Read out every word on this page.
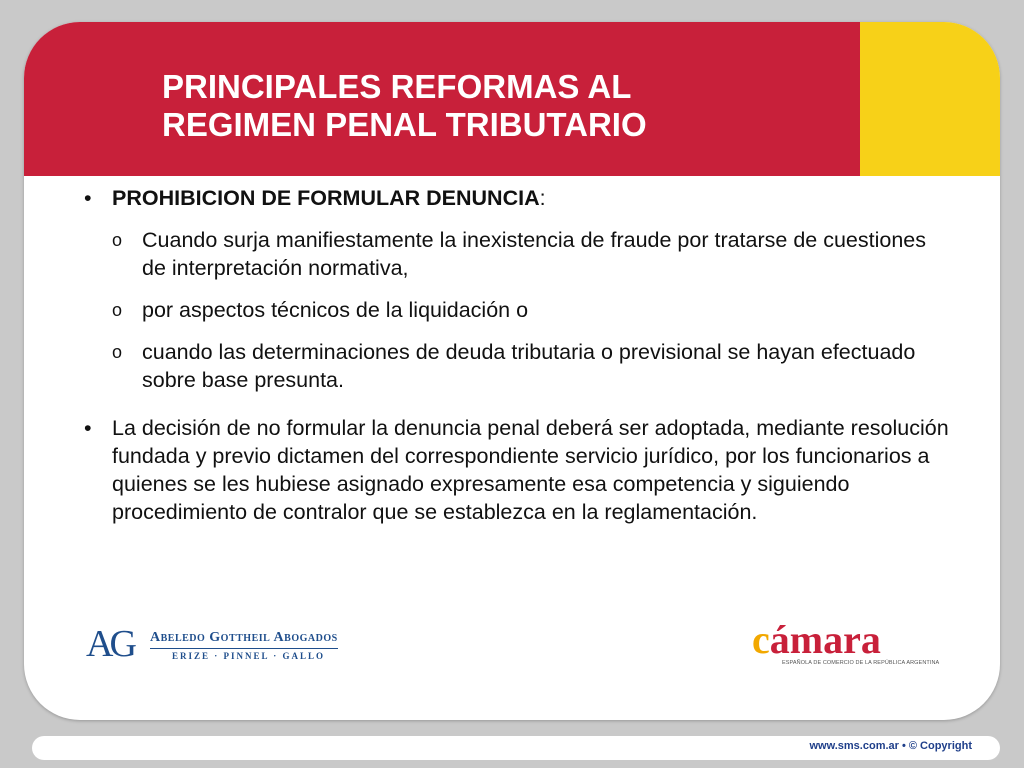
PRINCIPALES REFORMAS AL
REGIMEN PENAL TRIBUTARIO
• PROHIBICION DE FORMULAR DENUNCIA:
o Cuando surja manifiestamente la inexistencia de fraude por tratarse de cuestiones de interpretación normativa,
o por aspectos técnicos de la liquidación o
o cuando las determinaciones de deuda tributaria o previsional se hayan efectuado sobre base presunta.
• La decisión de no formular la denuncia penal deberá ser adoptada, mediante resolución fundada y previo dictamen del correspondiente servicio jurídico, por los funcionarios a quienes se les hubiese asignado expresamente esa competencia y siguiendo procedimiento de contralor que se establezca en la reglamentación.
AG Abeledo Gottheil Abogados
ERIZE · PINNEL · GALLO	cámara
ESPAÑOLA DE COMERCIO DE LA REPÚBLICA ARGENTINA
www.sms.com.ar • © Copyright
